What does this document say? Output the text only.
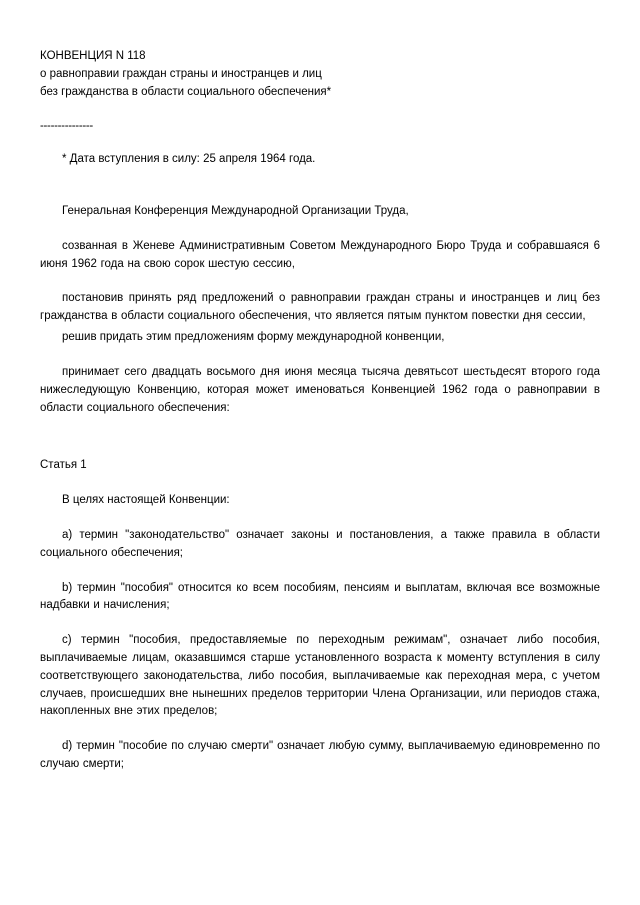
КОНВЕНЦИЯ N 118
о равноправии граждан страны и иностранцев и лиц
без гражданства в области социального обеспечения*
---------------
* Дата вступления в силу: 25 апреля 1964 года.
Генеральная Конференция Международной Организации Труда,
созванная в Женеве Административным Советом Международного Бюро Труда и собравшаяся 6 июня 1962 года на свою сорок шестую сессию,
постановив принять ряд предложений о равноправии граждан страны и иностранцев и лиц без гражданства в области социального обеспечения, что является пятым пунктом повестки дня сессии,
решив придать этим предложениям форму международной конвенции,
принимает сего двадцать восьмого дня июня месяца тысяча девятьсот шестьдесят второго года нижеследующую Конвенцию, которая может именоваться Конвенцией 1962 года о равноправии в области социального обеспечения:
Статья 1
В целях настоящей Конвенции:
a) термин "законодательство" означает законы и постановления, а также правила в области социального обеспечения;
b) термин "пособия" относится ко всем пособиям, пенсиям и выплатам, включая все возможные надбавки и начисления;
c) термин "пособия, предоставляемые по переходным режимам", означает либо пособия, выплачиваемые лицам, оказавшимся старше установленного возраста к моменту вступления в силу соответствующего законодательства, либо пособия, выплачиваемые как переходная мера, с учетом случаев, происшедших вне нынешних пределов территории Члена Организации, или периодов стажа, накопленных вне этих пределов;
d) термин "пособие по случаю смерти" означает любую сумму, выплачиваемую единовременно по случаю смерти;
